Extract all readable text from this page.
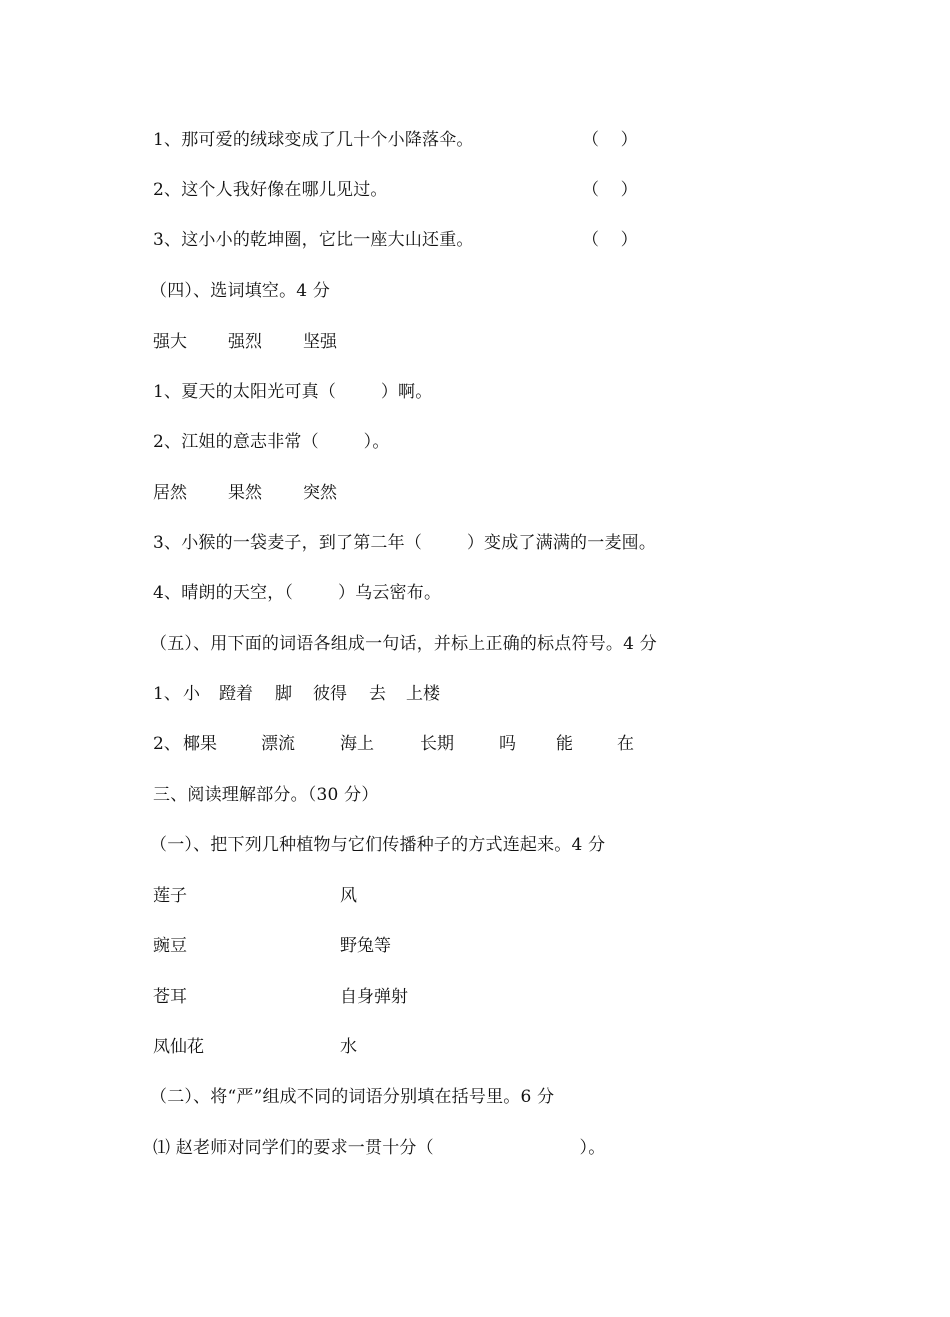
1、那可爱的绒球变成了几十个小降落伞。	（    ）
2、这个人我好像在哪儿见过。	（    ）
3、这小小的乾坤圈，它比一座大山还重。	（    ）
（四）、选词填空。4 分
强大 强烈 坚强
1、夏天的太阳光可真（        ）啊。
2、江姐的意志非常（        ）。
居然 果然 突然
3、小猴的一袋麦子，到了第二年（        ）变成了满满的一麦囤。
4、晴朗的天空，（        ）乌云密布。
（五）、用下面的词语各组成一句话，并标上正确的标点符号。4 分
1、 小 蹬着 脚 彼得 去 上楼
2、 椰果	漂流	海上	长期	吗 能	在
三、阅读理解部分。（30 分）
（一）、把下列几种植物与它们传播种子的方式连起来。4 分
莲子	风
豌豆	野兔等
苍耳	自身弹射
凤仙花	水
（二）、将“严”组成不同的词语分别填在括号里。6 分
⑴ 赵老师对同学们的要求一贯十分（                          ）。
